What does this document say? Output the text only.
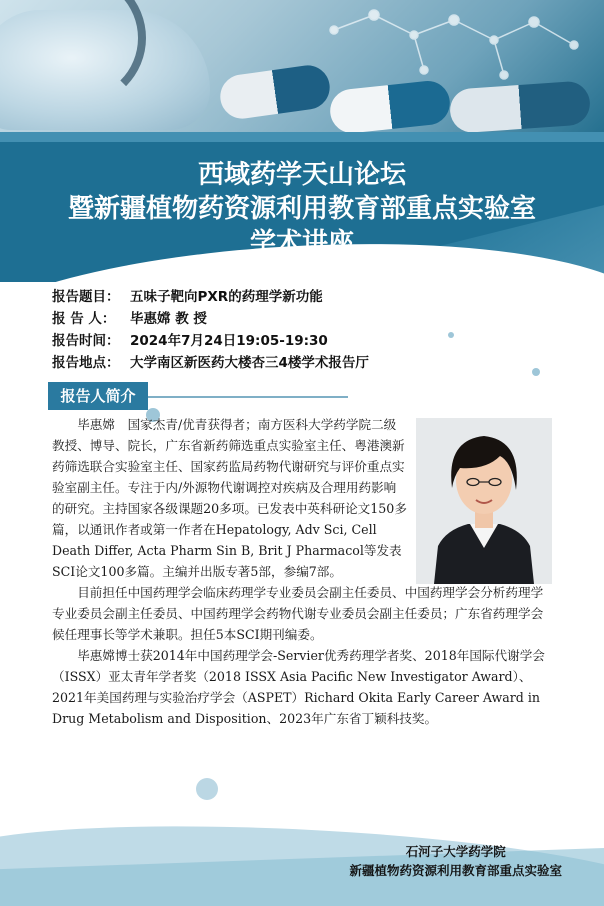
西域药学天山论坛
暨新疆植物药资源利用教育部重点实验室
学术讲座
报告题目： 五味子靶向PXR的药理学新功能
报 告 人： 毕惠嫦 教 授
报告时间： 2024年7月24日19:05-19:30
报告地点： 大学南区新医药大楼杏三4楼学术报告厅
报告人简介

毕惠嫦　国家杰青/优青获得者；南方医科大学药学院二级教授、博导、院长，广东省新药筛选重点实验室主任、粤港澳新药筛选联合实验室主任、国家药监局药物代谢研究与评价重点实验室副主任。专注于内/外源物代谢调控对疾病及合理用药影响的研究。主持国家各级课题20多项。已发表中英科研论文150多篇，以通讯作者或第一作者在Hepatology, Adv Sci, Cell Death Differ, Acta Pharm Sin B, Brit J Pharmacol等发表SCI论文100多篇。主编并出版专著5部，参编7部。

目前担任中国药理学会临床药理学专业委员会副主任委员、中国药理学会分析药理学专业委员会副主任委员、中国药理学会药物代谢专业委员会副主任委员；广东省药理学会候任理事长等学术兼职。担任5本SCI期刊编委。

毕惠嫦博士获2014年中国药理学会-Servier优秀药理学者奖、2018年国际代谢学会（ISSX）亚太青年学者奖（2018 ISSX Asia Pacific New Investigator Award）、2021年美国药理与实验治疗学会（ASPET）Richard Okita Early Career Award in Drug Metabolism and Disposition、2023年广东省丁颖科技奖。

石河子大学药学院
新疆植物药资源利用教育部重点实验室
